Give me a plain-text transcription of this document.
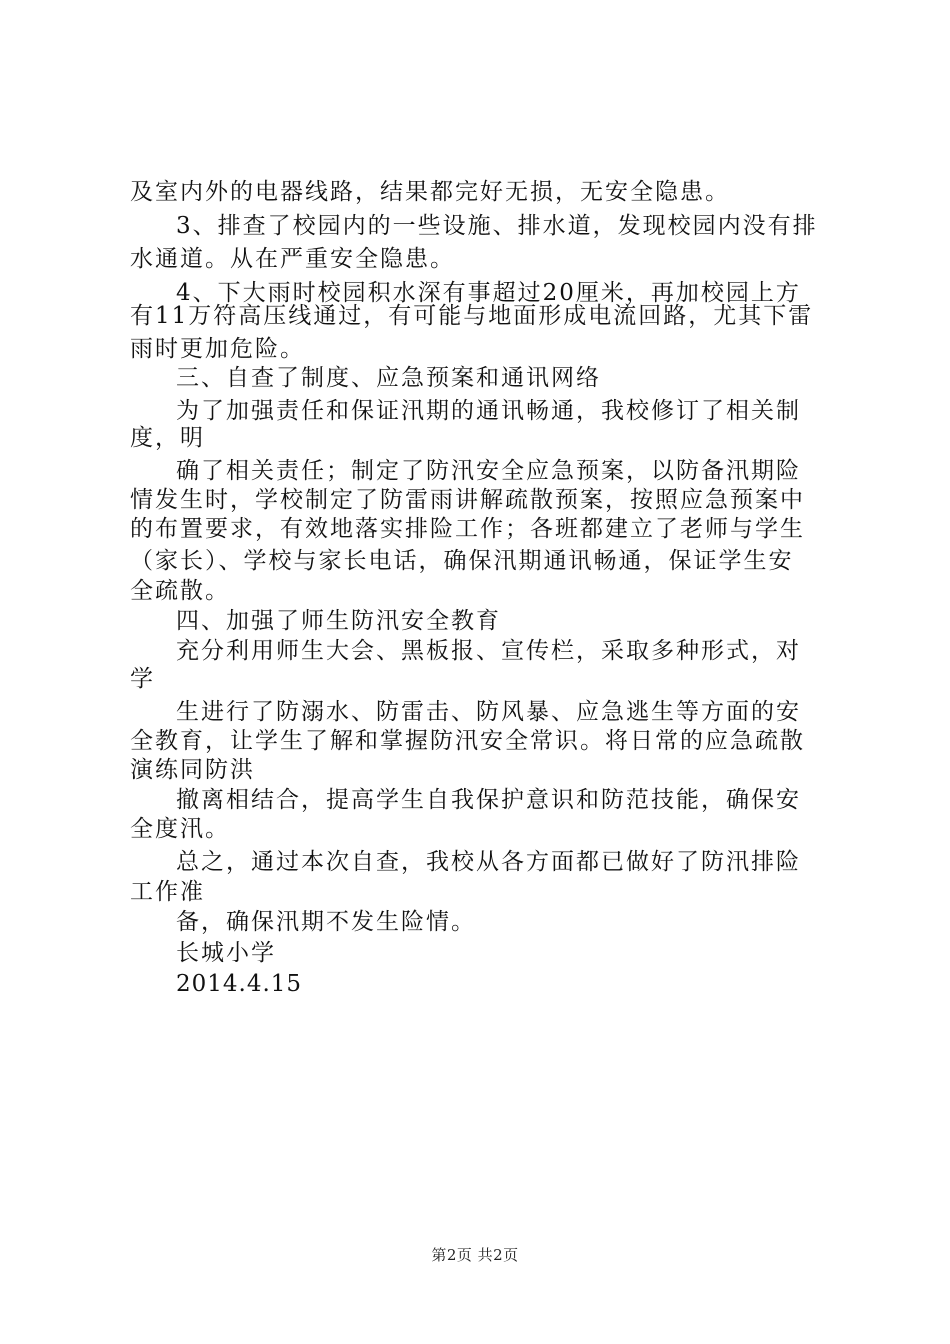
及室内外的电器线路，结果都完好无损，无安全隐患。
3、排查了校园内的一些设施、排水道，发现校园内没有排
水通道。从在严重安全隐患。
4、下大雨时校园积水深有事超过20厘米，再加校园上方
有11万符高压线通过，有可能与地面形成电流回路，尤其下雷
雨时更加危险。
三、自查了制度、应急预案和通讯网络
为了加强责任和保证汛期的通讯畅通，我校修订了相关制
度，明
确了相关责任；制定了防汛安全应急预案，以防备汛期险
情发生时，学校制定了防雷雨讲解疏散预案，按照应急预案中
的布置要求，有效地落实排险工作；各班都建立了老师与学生
（家长）、学校与家长电话，确保汛期通讯畅通，保证学生安
全疏散。
四、加强了师生防汛安全教育
充分利用师生大会、黑板报、宣传栏，采取多种形式，对
学
生进行了防溺水、防雷击、防风暴、应急逃生等方面的安
全教育，让学生了解和掌握防汛安全常识。将日常的应急疏散
演练同防洪
撤离相结合，提高学生自我保护意识和防范技能，确保安
全度汛。
总之，通过本次自查，我校从各方面都已做好了防汛排险
工作准
备，确保汛期不发生险情。
长城小学
2014.4.15
第2页 共2页
